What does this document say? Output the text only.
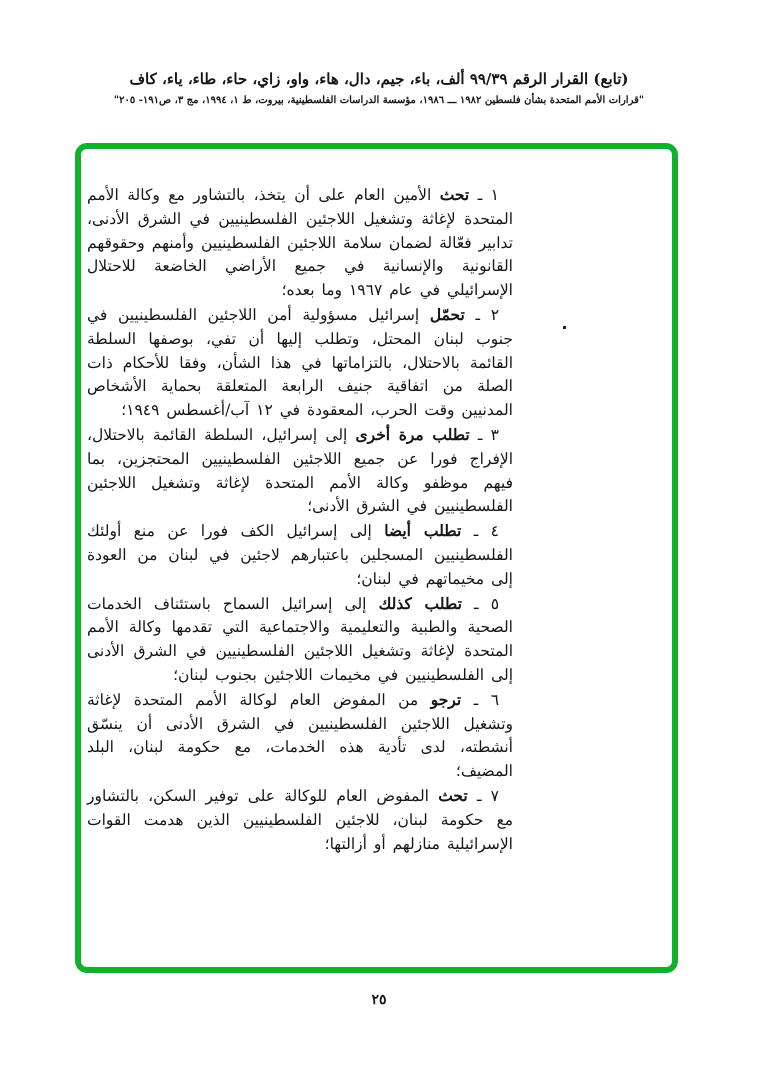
(تابع) القرار الرقم ٩٩/٣٩ ألف، باء، جيم، دال، هاء، واو، زاي، حاء، طاء، ياء، كاف
"قرارات الأمم المتحدة بشأن فلسطين ١٩٨٢ ـــ ١٩٨٦، مؤسسة الدراسات الفلسطينية، بيروت، ط ١، ١٩٩٤، مج ٣، ص١٩١- ٢٠٥"

١ ـ تحث الأمين العام على أن يتخذ، بالتشاور مع وكالة الأمم المتحدة لإغاثة وتشغيل اللاجئين الفلسطينيين في الشرق الأدنى، تدابير فعّالة لضمان سلامة اللاجئين الفلسطينيين وأمنهم وحقوقهم القانونية والإنسانية في جميع الأراضي الخاضعة للاحتلال الإسرائيلي في عام ١٩٦٧ وما بعده؛

٢ ـ تحمّل إسرائيل مسؤولية أمن اللاجئين الفلسطينيين في جنوب لبنان المحتل، وتطلب إليها أن تفي، بوصفها السلطة القائمة بالاحتلال، بالتزاماتها في هذا الشأن، وفقا للأحكام ذات الصلة من اتفاقية جنيف الرابعة المتعلقة بحماية الأشخاص المدنيين وقت الحرب، المعقودة في ١٢ آب/أغسطس ١٩٤٩؛

٣ ـ تطلب مرة أخرى إلى إسرائيل، السلطة القائمة بالاحتلال، الإفراج فورا عن جميع اللاجئين الفلسطينيين المحتجزين، بما فيهم موظفو وكالة الأمم المتحدة لإغاثة وتشغيل اللاجئين الفلسطينيين في الشرق الأدنى؛

٤ ـ تطلب أيضا إلى إسرائيل الكف فورا عن منع أولئك الفلسطينيين المسجلين باعتبارهم لاجئين في لبنان من العودة إلى مخيماتهم في لبنان؛

٥ ـ تطلب كذلك إلى إسرائيل السماح باستئناف الخدمات الصحية والطبية والتعليمية والاجتماعية التي تقدمها وكالة الأمم المتحدة لإغاثة وتشغيل اللاجئين الفلسطينيين في الشرق الأدنى إلى الفلسطينيين في مخيمات اللاجئين بجنوب لبنان؛

٦ ـ ترجو من المفوض العام لوكالة الأمم المتحدة لإغاثة وتشغيل اللاجئين الفلسطينيين في الشرق الأدنى أن ينسّق أنشطته، لدى تأدية هذه الخدمات، مع حكومة لبنان، البلد المضيف؛

٧ ـ تحث المفوض العام للوكالة على توفير السكن، بالتشاور مع حكومة لبنان، للاجئين الفلسطينيين الذين هدمت القوات الإسرائيلية منازلهم أو أزالتها؛

٢٥
